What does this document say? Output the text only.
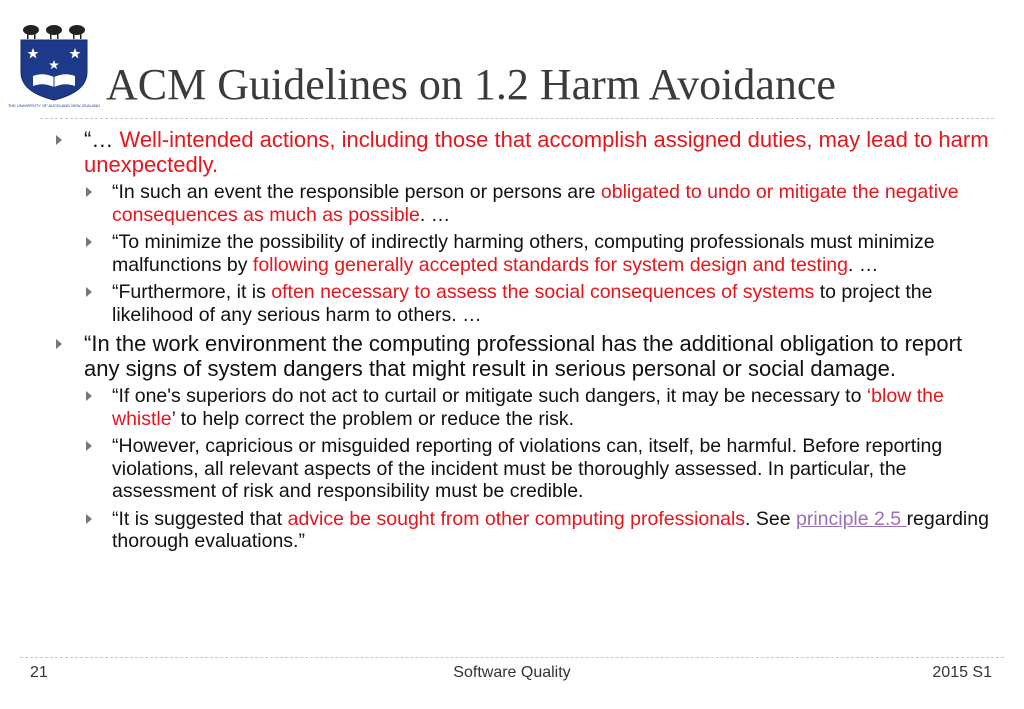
THE UNIVERSITY OF AUCKLAND NEW ZEALAND ACM Guidelines on 1.2 Harm Avoidance
“… Well-intended actions, including those that accomplish assigned duties, may lead to harm unexpectedly.
“In such an event the responsible person or persons are obligated to undo or mitigate the negative consequences as much as possible. …
“To minimize the possibility of indirectly harming others, computing professionals must minimize malfunctions by following generally accepted standards for system design and testing. …
“Furthermore, it is often necessary to assess the social consequences of systems to project the likelihood of any serious harm to others. …
“In the work environment the computing professional has the additional obligation to report any signs of system dangers that might result in serious personal or social damage.
“If one's superiors do not act to curtail or mitigate such dangers, it may be necessary to ‘blow the whistle’ to help correct the problem or reduce the risk.
“However, capricious or misguided reporting of violations can, itself, be harmful. Before reporting violations, all relevant aspects of the incident must be thoroughly assessed. In particular, the assessment of risk and responsibility must be credible.
“It is suggested that advice be sought from other computing professionals. See principle 2.5 regarding thorough evaluations.”
21	Software Quality	2015 S1
